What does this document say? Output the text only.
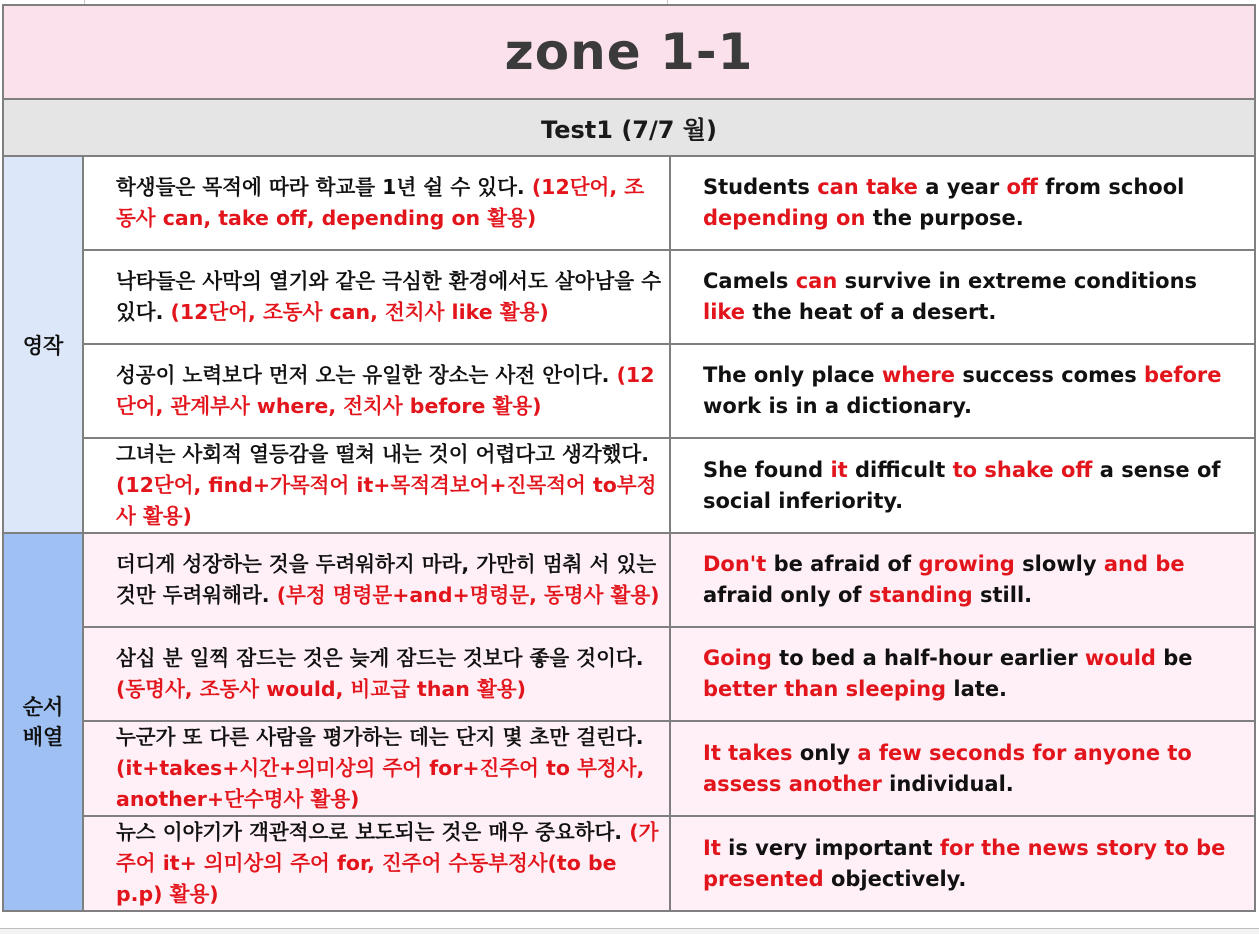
zone 1-1		
Test1 (7/7 월)		
영작	학생들은 목적에 따라 학교를 1년 쉴 수 있다. (12단어, 조동사 can, take off, depending on 활용)	Students can take a year off from school depending on the purpose.
	낙타들은 사막의 열기와 같은 극심한 환경에서도 살아남을 수 있다. (12단어, 조동사 can, 전치사 like 활용)	Camels can survive in extreme conditions like the heat of a desert.
	성공이 노력보다 먼저 오는 유일한 장소는 사전 안이다. (12단어, 관계부사 where, 전치사 before 활용)	The only place where success comes before work is in a dictionary.
	그녀는 사회적 열등감을 떨쳐 내는 것이 어렵다고 생각했다. (12단어, find+가목적어 it+목적격보어+진목적어 to부정사 활용)	She found it difficult to shake off a sense of social inferiority.
순서
배열	더디게 성장하는 것을 두려워하지 마라, 가만히 멈춰 서 있는 것만 두려워해라. (부정 명령문+and+명령문, 동명사 활용)	Don't be afraid of growing slowly and be afraid only of standing still.
	삼십 분 일찍 잠드는 것은 늦게 잠드는 것보다 좋을 것이다. (동명사, 조동사 would, 비교급 than 활용)	Going to bed a half-hour earlier would be better than sleeping late.
	누군가 또 다른 사람을 평가하는 데는 단지 몇 초만 걸린다. (it+takes+시간+의미상의 주어 for+진주어 to 부정사, another+단수명사 활용)	It takes only a few seconds for anyone to assess another individual.
	뉴스 이야기가 객관적으로 보도되는 것은 매우 중요하다. (가주어 it+ 의미상의 주어 for, 진주어 수동부정사(to be p.p) 활용)	It is very important for the news story to be presented objectively.
